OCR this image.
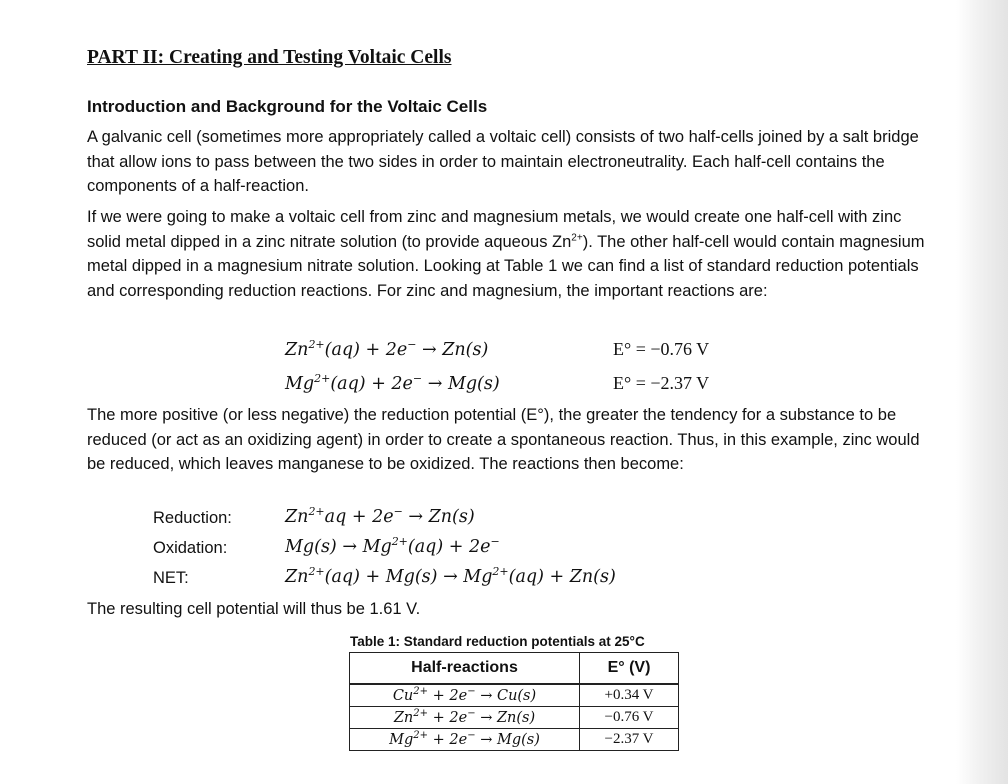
PART II: Creating and Testing Voltaic Cells
Introduction and Background for the Voltaic Cells
A galvanic cell (sometimes more appropriately called a voltaic cell) consists of two half-cells joined by a salt bridge that allow ions to pass between the two sides in order to maintain electroneutrality. Each half-cell contains the components of a half-reaction.
If we were going to make a voltaic cell from zinc and magnesium metals, we would create one half-cell with zinc solid metal dipped in a zinc nitrate solution (to provide aqueous $Zn^{2+}$). The other half-cell would contain magnesium metal dipped in a magnesium nitrate solution. Looking at Table 1 we can find a list of standard reduction potentials and corresponding reduction reactions. For zinc and magnesium, the important reactions are:
$Zn^{2+}(aq) + 2e^- \to Zn(s)$	E° = −0.76 V
$Mg^{2+}(aq) + 2e^- \to Mg(s)$	E° = −2.37 V
The more positive (or less negative) the reduction potential (E°), the greater the tendency for a substance to be reduced (or act as an oxidizing agent) in order to create a spontaneous reaction. Thus, in this example, zinc would be reduced, which leaves manganese to be oxidized. The reactions then become:
Reduction:	$Zn^{2+}aq + 2e^- \to Zn(s)$
Oxidation:	$Mg(s) \to Mg^{2+}(aq) + 2e^-$
NET:	$Zn^{2+}(aq) + Mg(s) \to Mg^{2+}(aq) + Zn(s)$
The resulting cell potential will thus be 1.61 V.
Table 1: Standard reduction potentials at 25°C
Half-reactions	E° (V)
$Cu^{2+} + 2e^- \to Cu(s)$	+0.34 V
$Zn^{2+} + 2e^- \to Zn(s)$	−0.76 V
$Mg^{2+} + 2e^- \to Mg(s)$	−2.37 V
